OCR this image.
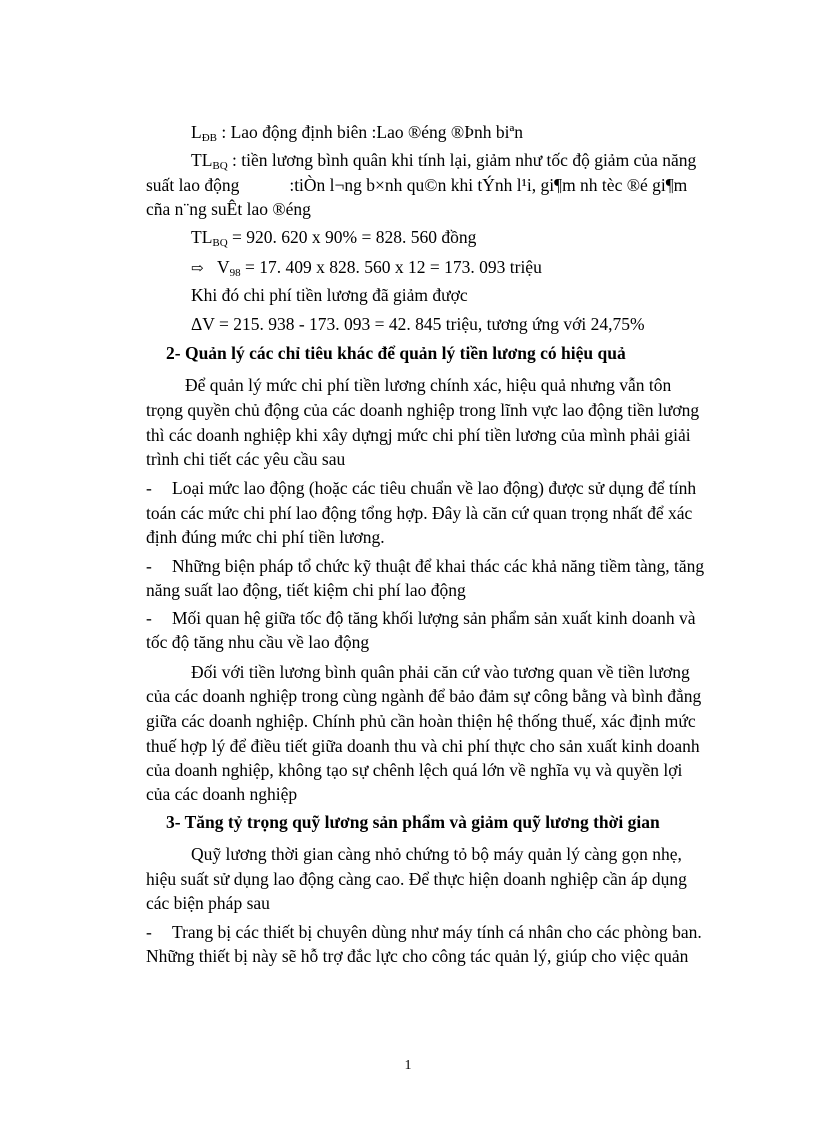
$L_{ĐB}$ : Lao động định biên :Lao ®éng ®Þnh biªn
$TL_{BQ}$ : tiền lương bình quân khi tính lại, giảm như tốc độ giảm của năng
suất lao động	:tiÒn l¬ng b×nh qu©n khi tÝnh l¹i, gi¶m nh tèc ®é gi¶m
cña n¨ng suÊt lao ®éng
$TL_{BQ} = 920$. 620 x 90% = 828. 560 đồng
⇨ $V_{98} = 17$. 409 x 828. 560 x 12 = 173. 093 triệu
Khi đó chi phí tiền lương đã giảm được
ΔV = 215. 938 - 173. 093 = 42. 845 triệu, tương ứng với 24,75%
2- Quản lý các chỉ tiêu khác để quản lý tiền lương có hiệu quả
Để quản lý mức chi phí tiền lương chính xác, hiệu quả nhưng vẫn tôn
trọng quyền chủ động của các doanh nghiệp trong lĩnh vực lao động tiền lương
thì các doanh nghiệp khi xây dựngj mức chi phí tiền lương của mình phải giải
trình chi tiết các yêu cầu sau
- Loại mức lao động (hoặc các tiêu chuẩn về lao động) được sử dụng để tính
toán các mức chi phí lao động tổng hợp. Đây là căn cứ quan trọng nhất để xác
định đúng mức chi phí tiền lương.
- Những biện pháp tổ chức kỹ thuật để khai thác các khả năng tiềm tàng, tăng
năng suất lao động, tiết kiệm chi phí lao động
- Mối quan hệ giữa tốc độ tăng khối lượng sản phẩm sản xuất kinh doanh và
tốc độ tăng nhu cầu về lao động
Đối với tiền lương bình quân phải căn cứ vào tương quan về tiền lương
của các doanh nghiệp trong cùng ngành để bảo đảm sự công bằng và bình đẳng
giữa các doanh nghiệp. Chính phủ cần hoàn thiện hệ thống thuế, xác định mức
thuế hợp lý để điều tiết giữa doanh thu và chi phí thực cho sản xuất kinh doanh
của doanh nghiệp, không tạo sự chênh lệch quá lớn về nghĩa vụ và quyền lợi
của các doanh nghiệp
3- Tăng tỷ trọng quỹ lương sản phẩm và giảm quỹ lương thời gian
Quỹ lương thời gian càng nhỏ chứng tỏ bộ máy quản lý càng gọn nhẹ,
hiệu suất sử dụng lao động càng cao. Để thực hiện doanh nghiệp cần áp dụng
các biện pháp sau
- Trang bị các thiết bị chuyên dùng như máy tính cá nhân cho các phòng ban.
Những thiết bị này sẽ hỗ trợ đắc lực cho công tác quản lý, giúp cho việc quản
1
